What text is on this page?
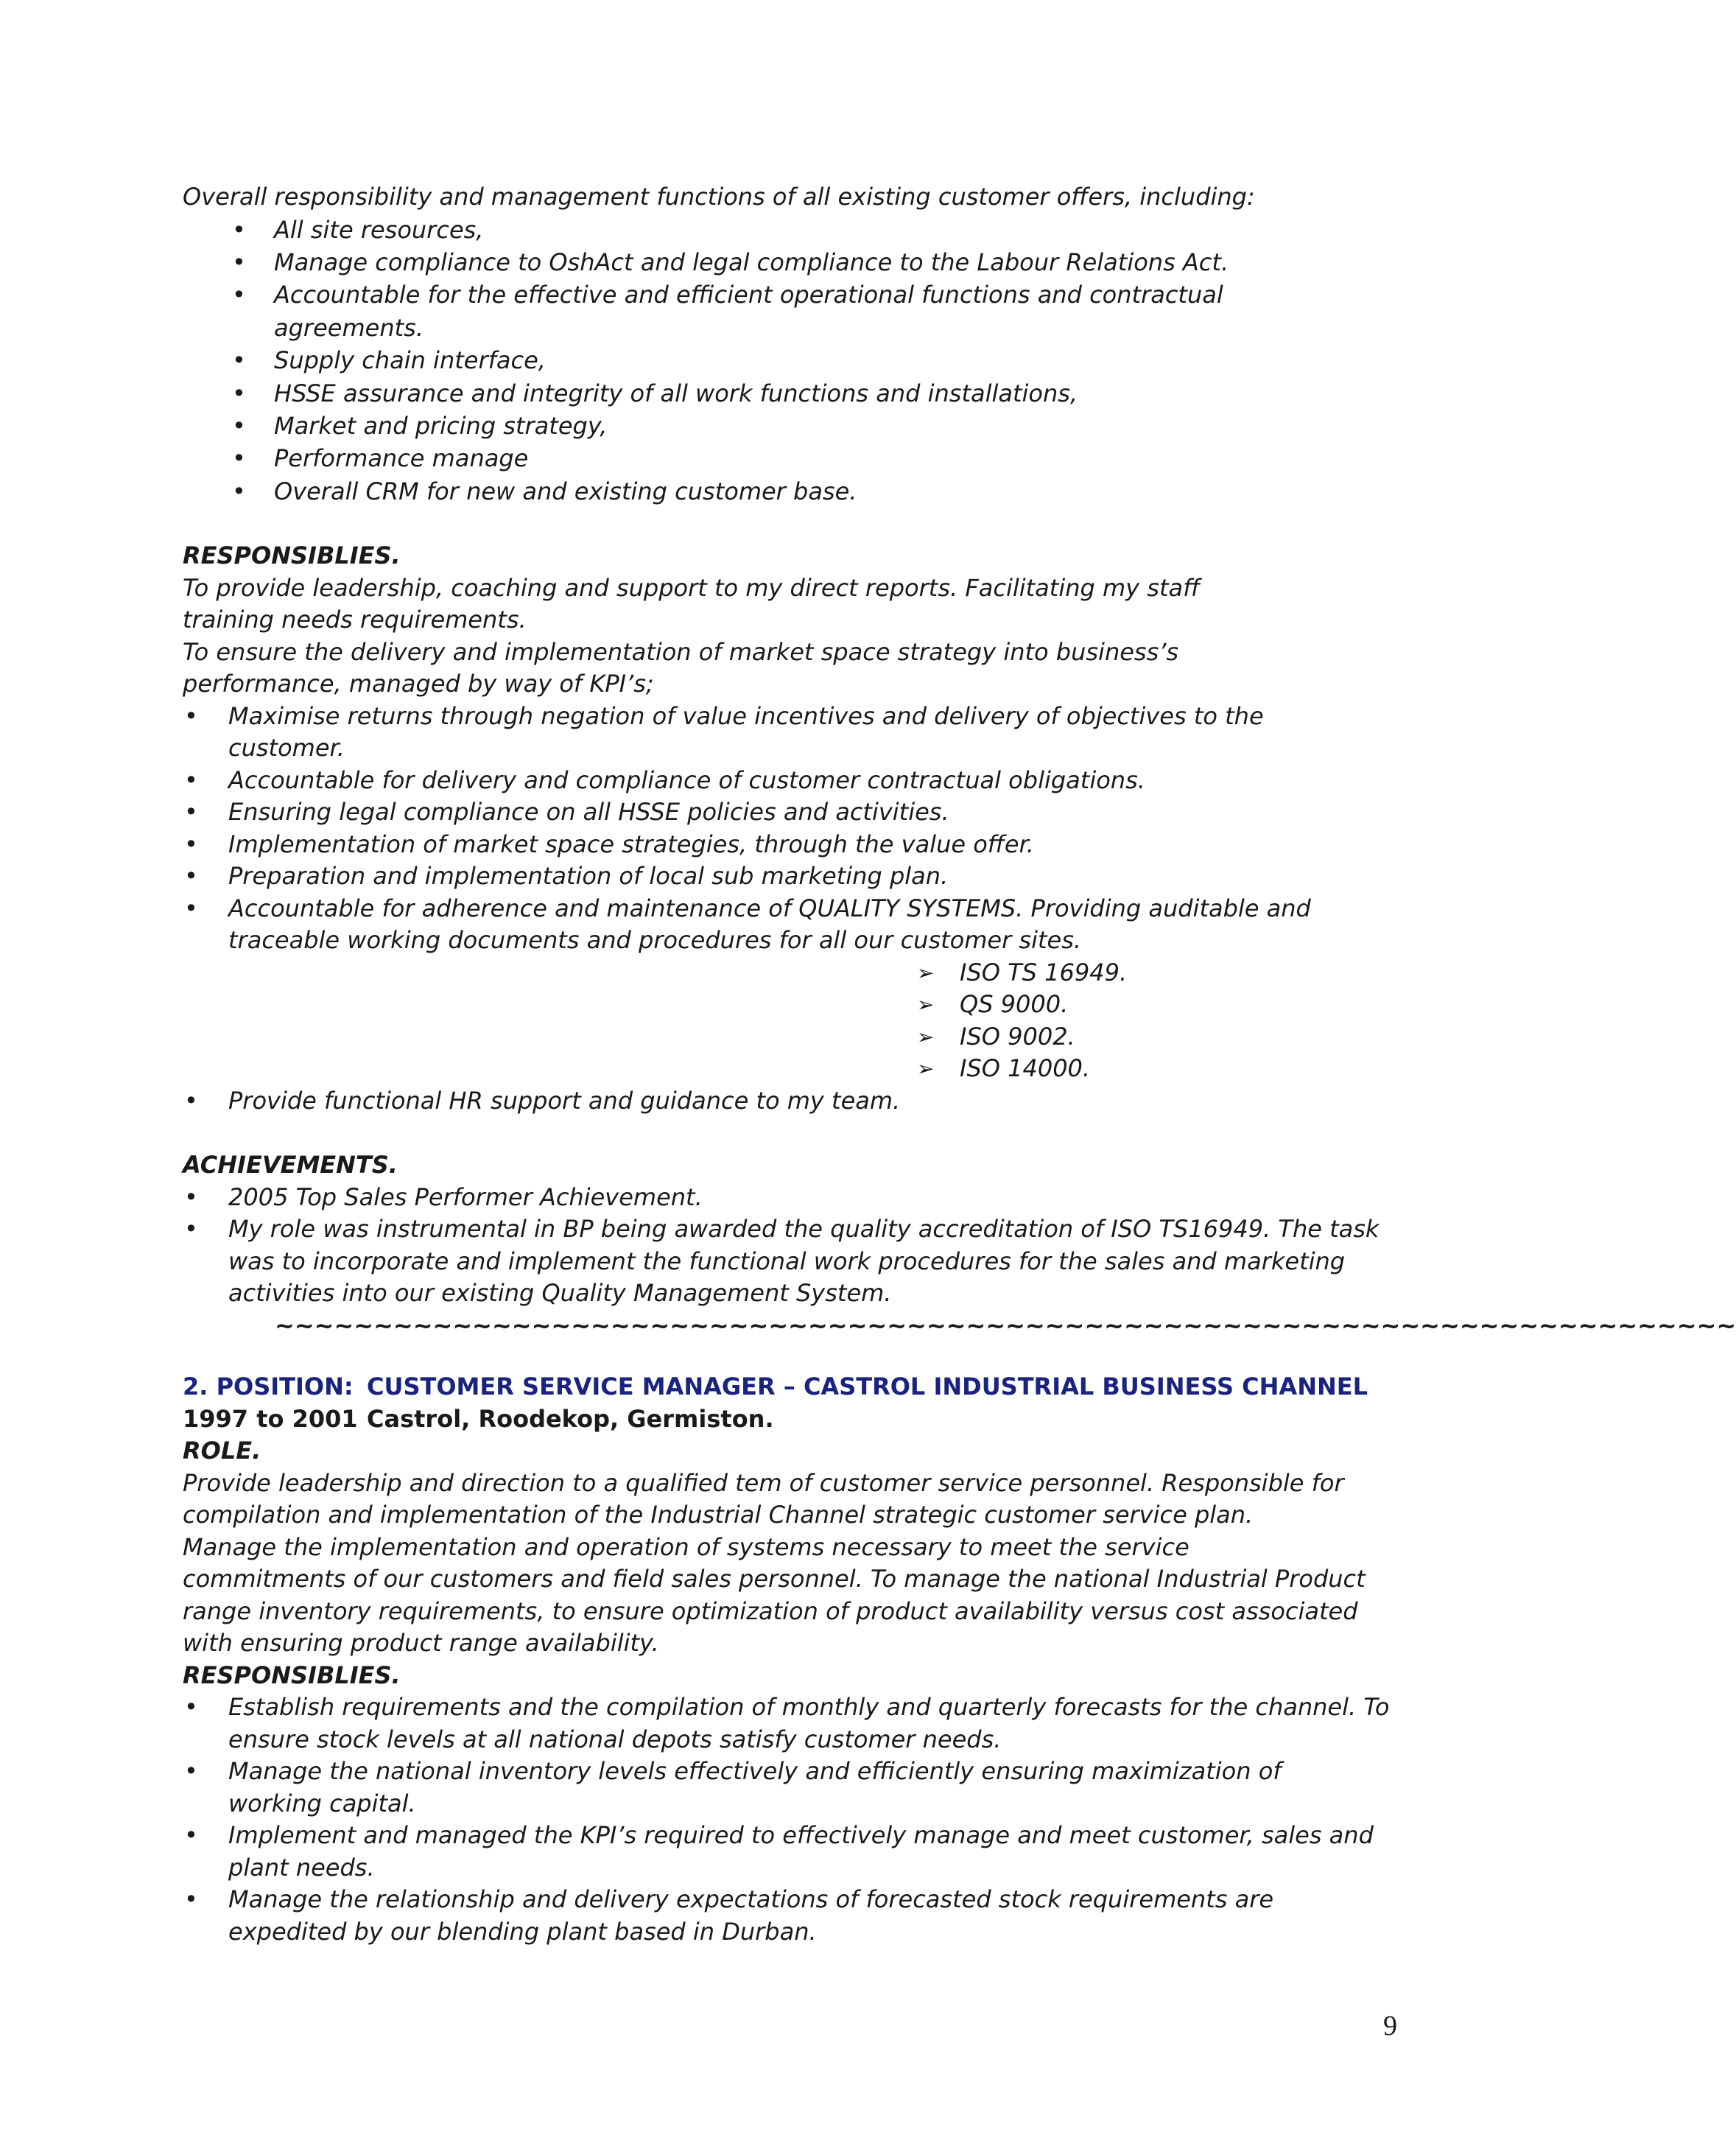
Overall responsibility and management functions of all existing customer offers, including:
• All site resources,
• Manage compliance to OshAct and legal compliance to the Labour Relations Act.
• Accountable for the effective and efficient operational functions and contractual agreements.
• Supply chain interface,
• HSSE assurance and integrity of all work functions and installations,
• Market and pricing strategy,
• Performance manage
• Overall CRM for new and existing customer base.
RESPONSIBLIES.
To provide leadership, coaching and support to my direct reports. Facilitating my staff
training needs requirements.
To ensure the delivery and implementation of market space strategy into business’s
performance, managed by way of KPI’s;
• Maximise returns through negation of value incentives and delivery of objectives to the customer.
• Accountable for delivery and compliance of customer contractual obligations.
• Ensuring legal compliance on all HSSE policies and activities.
• Implementation of market space strategies, through the value offer.
• Preparation and implementation of local sub marketing plan.
• Accountable for adherence and maintenance of QUALITY SYSTEMS. Providing auditable and traceable working documents and procedures for all our customer sites.
➢ ISO TS 16949.
➢ QS 9000.
➢ ISO 9002.
➢ ISO 14000.
• Provide functional HR support and guidance to my team.
ACHIEVEMENTS.
• 2005 Top Sales Performer Achievement.
• My role was instrumental in BP being awarded the quality accreditation of ISO TS16949. The task was to incorporate and implement the functional work procedures for the sales and marketing activities into our existing Quality Management System.
~~~~~~~~~~~~~~~~~~~~~~~~~~~~~~~~~~~~~~~~~~~~~~~~~~~~~~~~~~~~~~~~~~~~~~~~~~
2. POSITION: CUSTOMER SERVICE MANAGER – CASTROL INDUSTRIAL BUSINESS CHANNEL
1997 to 2001 Castrol, Roodekop, Germiston.
ROLE.
Provide leadership and direction to a qualified tem of customer service personnel. Responsible for
compilation and implementation of the Industrial Channel strategic customer service plan.
Manage the implementation and operation of systems necessary to meet the service
commitments of our customers and field sales personnel. To manage the national Industrial Product
range inventory requirements, to ensure optimization of product availability versus cost associated
with ensuring product range availability.
RESPONSIBLIES.
• Establish requirements and the compilation of monthly and quarterly forecasts for the channel. To ensure stock levels at all national depots satisfy customer needs.
• Manage the national inventory levels effectively and efficiently ensuring maximization of working capital.
• Implement and managed the KPI’s required to effectively manage and meet customer, sales and plant needs.
• Manage the relationship and delivery expectations of forecasted stock requirements are expedited by our blending plant based in Durban.
9
